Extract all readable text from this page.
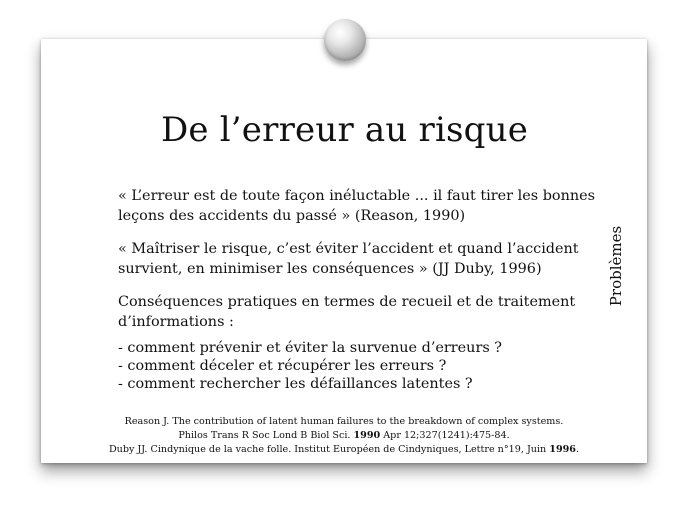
De l’erreur au risque
« L’erreur est de toute façon inéluctable ... il faut tirer les bonnes
leçons des accidents du passé » (Reason, 1990)
« Maîtriser le risque, c’est éviter l’accident et quand l’accident
survient, en minimiser les conséquences » (JJ Duby, 1996)
Conséquences pratiques en termes de recueil et de traitement
d’informations :
- comment prévenir et éviter la survenue d’erreurs ?
- comment déceler et récupérer les erreurs ?
- comment rechercher les défaillances latentes ?
Problèmes
Reason J. The contribution of latent human failures to the breakdown of complex systems.
Philos Trans R Soc Lond B Biol Sci. 1990 Apr 12;327(1241):475-84.
Duby JJ. Cindynique de la vache folle. Institut Européen de Cindyniques, Lettre n°19, Juin 1996.
